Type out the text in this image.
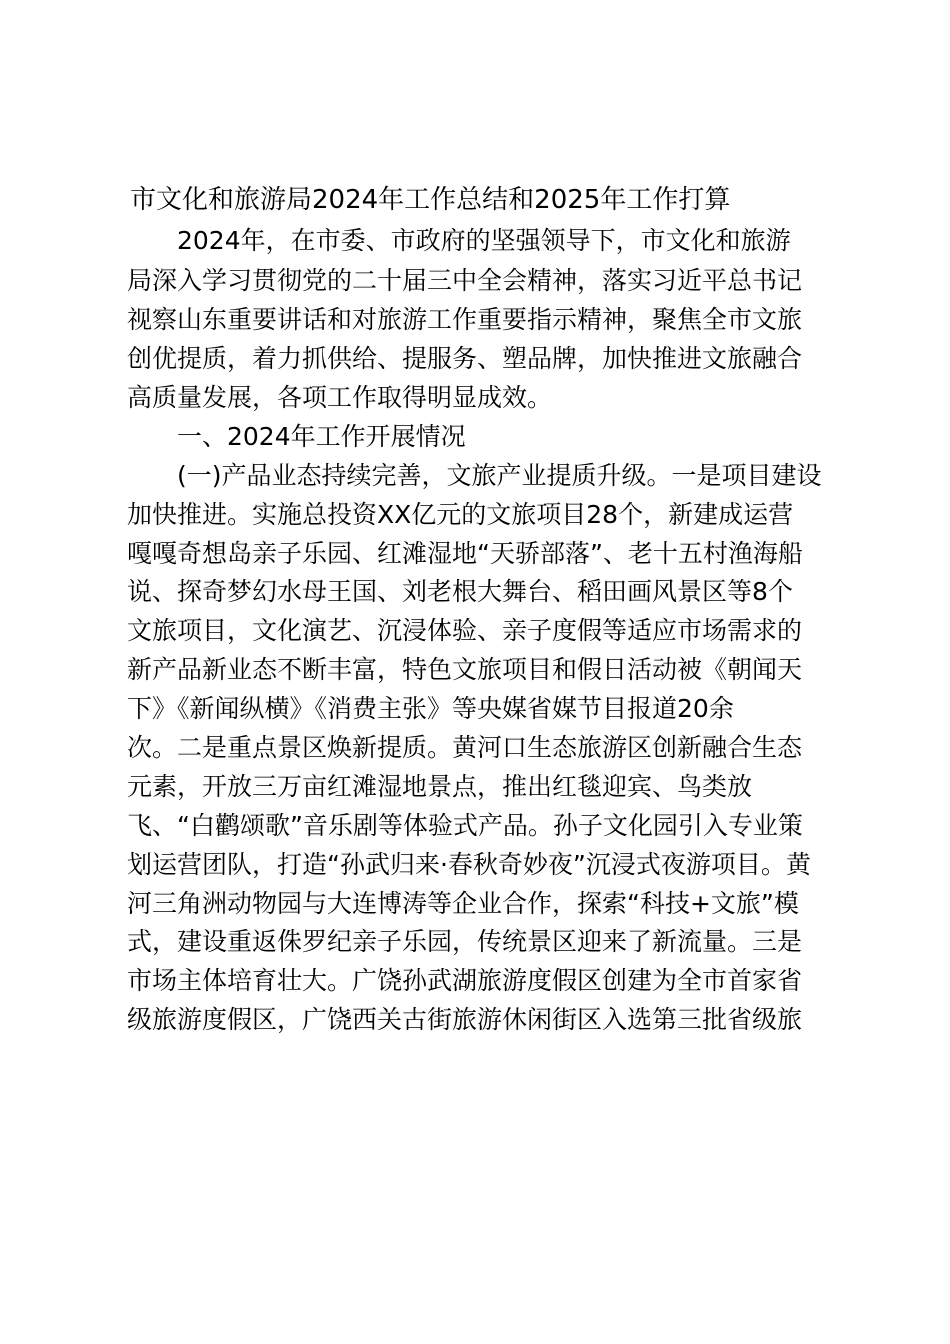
市文化和旅游局2024年工作总结和2025年工作打算
2024年，在市委、市政府的坚强领导下，市文化和旅游
局深入学习贯彻党的二十届三中全会精神，落实习近平总书记
视察山东重要讲话和对旅游工作重要指示精神，聚焦全市文旅
创优提质，着力抓供给、提服务、塑品牌，加快推进文旅融合
高质量发展，各项工作取得明显成效。
一、2024年工作开展情况
(一)产品业态持续完善，文旅产业提质升级。一是项目建设
加快推进。实施总投资XX亿元的文旅项目28个，新建成运营
嘎嘎奇想岛亲子乐园、红滩湿地“天骄部落”、老十五村渔海船
说、探奇梦幻水母王国、刘老根大舞台、稻田画风景区等8个
文旅项目，文化演艺、沉浸体验、亲子度假等适应市场需求的
新产品新业态不断丰富，特色文旅项目和假日活动被《朝闻天
下》《新闻纵横》《消费主张》等央媒省媒节目报道20余
次。二是重点景区焕新提质。黄河口生态旅游区创新融合生态
元素，开放三万亩红滩湿地景点，推出红毯迎宾、鸟类放
飞、“白鹳颂歌”音乐剧等体验式产品。孙子文化园引入专业策
划运营团队，打造“孙武归来·春秋奇妙夜”沉浸式夜游项目。黄
河三角洲动物园与大连博涛等企业合作，探索“科技+文旅”模
式，建设重返侏罗纪亲子乐园，传统景区迎来了新流量。三是
市场主体培育壮大。广饶孙武湖旅游度假区创建为全市首家省
级旅游度假区，广饶西关古街旅游休闲街区入选第三批省级旅
